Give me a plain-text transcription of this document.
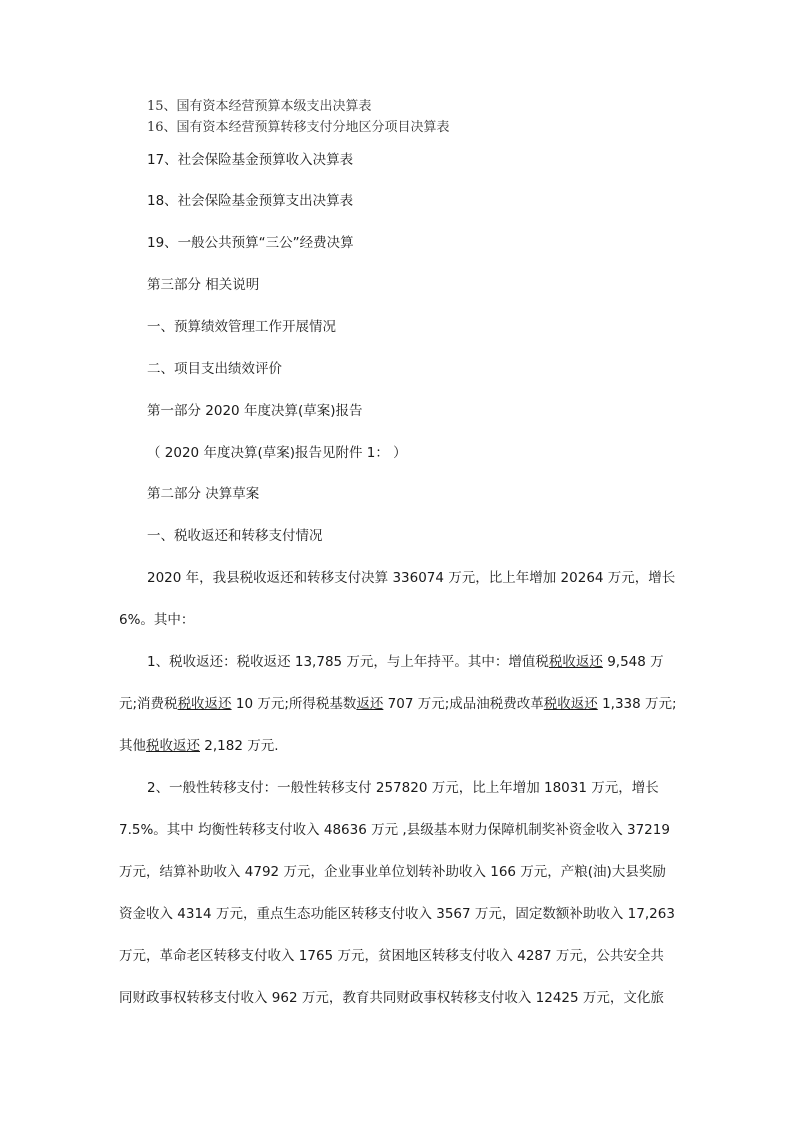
15、国有资本经营预算本级支出决算表
16、国有资本经营预算转移支付分地区分项目决算表
17、社会保险基金预算收入决算表
18、社会保险基金预算支出决算表
19、一般公共预算“三公”经费决算
第三部分 相关说明
一、预算绩效管理工作开展情况
二、项目支出绩效评价
第一部分 2020 年度决算(草案)报告
（ 2020 年度决算(草案)报告见附件 1： ）
第二部分 决算草案
一、税收返还和转移支付情况
2020 年，我县税收返还和转移支付决算 336074 万元，比上年增加 20264 万元，增长
6%。其中：
1、税收返还：税收返还 13,785 万元，与上年持平。其中：增值税税收返还 9,548 万
元;消费税税收返还 10 万元;所得税基数返还 707 万元;成品油税费改革税收返还 1,338 万元;
其他税收返还 2,182 万元.
2、一般性转移支付：一般性转移支付 257820 万元，比上年增加 18031 万元，增长
7.5%。其中 均衡性转移支付收入 48636 万元 ,县级基本财力保障机制奖补资金收入 37219
万元，结算补助收入 4792 万元，企业事业单位划转补助收入 166 万元，产粮(油)大县奖励
资金收入 4314 万元，重点生态功能区转移支付收入 3567 万元，固定数额补助收入 17,263
万元，革命老区转移支付收入 1765 万元，贫困地区转移支付收入 4287 万元，公共安全共
同财政事权转移支付收入 962 万元，教育共同财政事权转移支付收入 12425 万元，文化旅
